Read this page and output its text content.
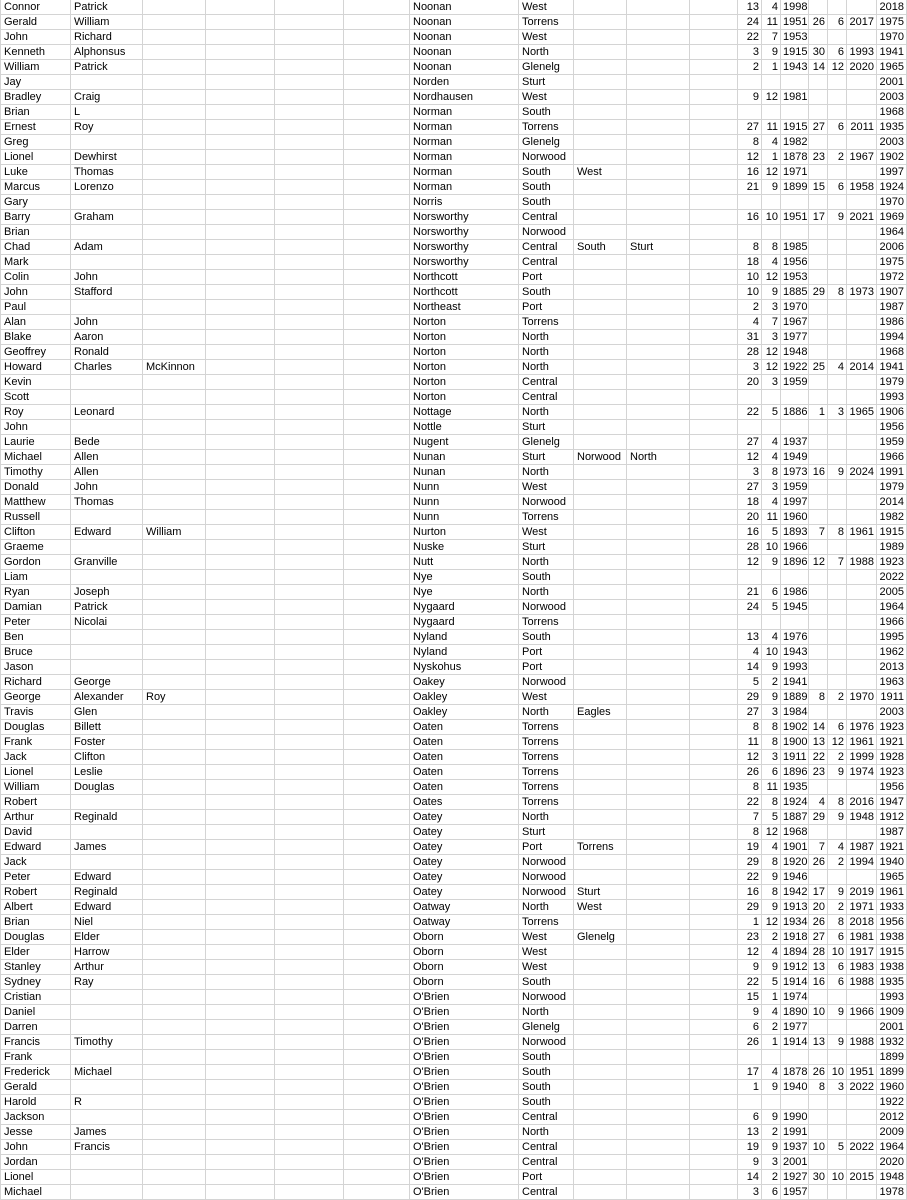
Connor	Patrick					Noonan	West				13	4	1998				2018
Gerald	William					Noonan	Torrens				24	11	1951	26	6	2017	1975
John	Richard					Noonan	West				22	7	1953				1970
Kenneth	Alphonsus					Noonan	North				3	9	1915	30	6	1993	1941
William	Patrick					Noonan	Glenelg				2	1	1943	14	12	2020	1965
Jay						Norden	Sturt										2001
Bradley	Craig					Nordhausen	West				9	12	1981				2003
Brian	L					Norman	South										1968
Ernest	Roy					Norman	Torrens				27	11	1915	27	6	2011	1935
Greg						Norman	Glenelg				8	4	1982				2003
Lionel	Dewhirst					Norman	Norwood				12	1	1878	23	2	1967	1902
Luke	Thomas					Norman	South	West			16	12	1971				1997
Marcus	Lorenzo					Norman	South				21	9	1899	15	6	1958	1924
Gary						Norris	South										1970
Barry	Graham					Norsworthy	Central				16	10	1951	17	9	2021	1969
Brian						Norsworthy	Norwood										1964
Chad	Adam					Norsworthy	Central	South	Sturt		8	8	1985				2006
Mark						Norsworthy	Central				18	4	1956				1975
Colin	John					Northcott	Port				10	12	1953				1972
John	Stafford					Northcott	South				10	9	1885	29	8	1973	1907
Paul						Northeast	Port				2	3	1970				1987
Alan	John					Norton	Torrens				4	7	1967				1986
Blake	Aaron					Norton	North				31	3	1977				1994
Geoffrey	Ronald					Norton	North				28	12	1948				1968
Howard	Charles	McKinnon				Norton	North				3	12	1922	25	4	2014	1941
Kevin						Norton	Central				20	3	1959				1979
Scott						Norton	Central										1993
Roy	Leonard					Nottage	North				22	5	1886	1	3	1965	1906
John						Nottle	Sturt										1956
Laurie	Bede					Nugent	Glenelg				27	4	1937				1959
Michael	Allen					Nunan	Sturt	Norwood	North		12	4	1949				1966
Timothy	Allen					Nunan	North				3	8	1973	16	9	2024	1991
Donald	John					Nunn	West				27	3	1959				1979
Matthew	Thomas					Nunn	Norwood				18	4	1997				2014
Russell						Nunn	Torrens				20	11	1960				1982
Clifton	Edward	William				Nurton	West				16	5	1893	7	8	1961	1915
Graeme						Nuske	Sturt				28	10	1966				1989
Gordon	Granville					Nutt	North				12	9	1896	12	7	1988	1923
Liam						Nye	South										2022
Ryan	Joseph					Nye	North				21	6	1986				2005
Damian	Patrick					Nygaard	Norwood				24	5	1945				1964
Peter	Nicolai					Nygaard	Torrens										1966
Ben						Nyland	South				13	4	1976				1995
Bruce						Nyland	Port				4	10	1943				1962
Jason						Nyskohus	Port				14	9	1993				2013
Richard	George					Oakey	Norwood				5	2	1941				1963
George	Alexander	Roy				Oakley	West				29	9	1889	8	2	1970	1911
Travis	Glen					Oakley	North	Eagles			27	3	1984				2003
Douglas	Billett					Oaten	Torrens				8	8	1902	14	6	1976	1923
Frank	Foster					Oaten	Torrens				11	8	1900	13	12	1961	1921
Jack	Clifton					Oaten	Torrens				12	3	1911	22	2	1999	1928
Lionel	Leslie					Oaten	Torrens				26	6	1896	23	9	1974	1923
William	Douglas					Oaten	Torrens				8	11	1935				1956
Robert						Oates	Torrens				22	8	1924	4	8	2016	1947
Arthur	Reginald					Oatey	North				7	5	1887	29	9	1948	1912
David						Oatey	Sturt				8	12	1968				1987
Edward	James					Oatey	Port	Torrens			19	4	1901	7	4	1987	1921
Jack						Oatey	Norwood				29	8	1920	26	2	1994	1940
Peter	Edward					Oatey	Norwood				22	9	1946				1965
Robert	Reginald					Oatey	Norwood	Sturt			16	8	1942	17	9	2019	1961
Albert	Edward					Oatway	North	West			29	9	1913	20	2	1971	1933
Brian	Niel					Oatway	Torrens				1	12	1934	26	8	2018	1956
Douglas	Elder					Oborn	West	Glenelg			23	2	1918	27	6	1981	1938
Elder	Harrow					Oborn	West				12	4	1894	28	10	1917	1915
Stanley	Arthur					Oborn	West				9	9	1912	13	6	1983	1938
Sydney	Ray					Oborn	South				22	5	1914	16	6	1988	1935
Cristian						O'Brien	Norwood				15	1	1974				1993
Daniel						O'Brien	North				9	4	1890	10	9	1966	1909
Darren						O'Brien	Glenelg				6	2	1977				2001
Francis	Timothy					O'Brien	Norwood				26	1	1914	13	9	1988	1932
Frank						O'Brien	South										1899
Frederick	Michael					O'Brien	South				17	4	1878	26	10	1951	1899
Gerald						O'Brien	South				1	9	1940	8	3	2022	1960
Harold	R					O'Brien	South										1922
Jackson						O'Brien	Central				6	9	1990				2012
Jesse	James					O'Brien	North				13	2	1991				2009
John	Francis					O'Brien	Central				19	9	1937	10	5	2022	1964
Jordan						O'Brien	Central				9	3	2001				2020
Lionel						O'Brien	Port				14	2	1927	30	10	2015	1948
Michael						O'Brien	Central				3	6	1957				1978
